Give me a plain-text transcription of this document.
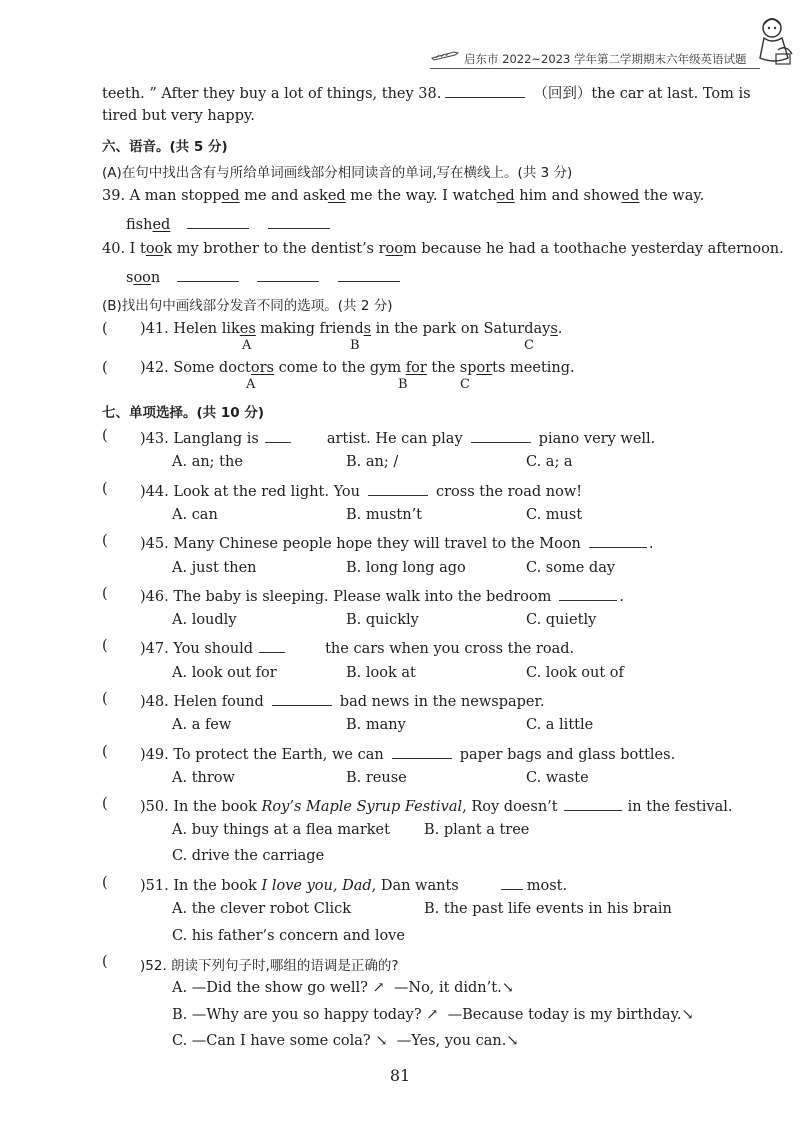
启东市 2022~2023 学年第二学期期末六年级英语试题
teeth. ” After they buy a lot of things, they 38.	（回到）the car at last. Tom is
tired but very happy.
六、语音。(共 5 分)
(A)在句中找出含有与所给单词画线部分相同读音的单词,写在横线上。(共 3 分)
39. A man stopped me and asked me the way. I watched him and showed the way.
fished
40. I took my brother to the dentist’s room because he had a toothache yesterday afternoon.
soon
(B)找出句中画线部分发音不同的选项。(共 2 分)
( )41. Helen likes making friends in the park on Saturdays.
A	B	C
( )42. Some doctors come to the gym for the sports meeting.
A	B	C
七、单项选择。(共 10 分)
( )43. Langlang is	artist. He can play	piano very well.
A. an; the	B. an; /	C. a; a
( )44. Look at the red light. You	cross the road now!
A. can	B. mustn’t	C. must
( )45. Many Chinese people hope they will travel to the Moon	.
A. just then	B. long long ago	C. some day
( )46. The baby is sleeping. Please walk into the bedroom	.
A. loudly	B. quickly	C. quietly
( )47. You should	the cars when you cross the road.
A. look out for	B. look at	C. look out of
( )48. Helen found	bad news in the newspaper.
A. a few	B. many	C. a little
( )49. To protect the Earth, we can	paper bags and glass bottles.
A. throw	B. reuse	C. waste
( )50. In the book Roy’s Maple Syrup Festival, Roy doesn’t	in the festival.
A. buy things at a flea market B. plant a tree
C. drive the carriage
( )51. In the book I love you, Dad, Dan wants	most.
A. the clever robot Click	B. the past life events in his brain
C. his father’s concern and love
( )52. 朗读下列句子时,哪组的语调是正确的?
A. —Did the show go well? ↗ —No, it didn’t.↘
B. —Why are you so happy today? ↗ —Because today is my birthday.↘
C. —Can I have some cola? ↘ —Yes, you can.↘
81
